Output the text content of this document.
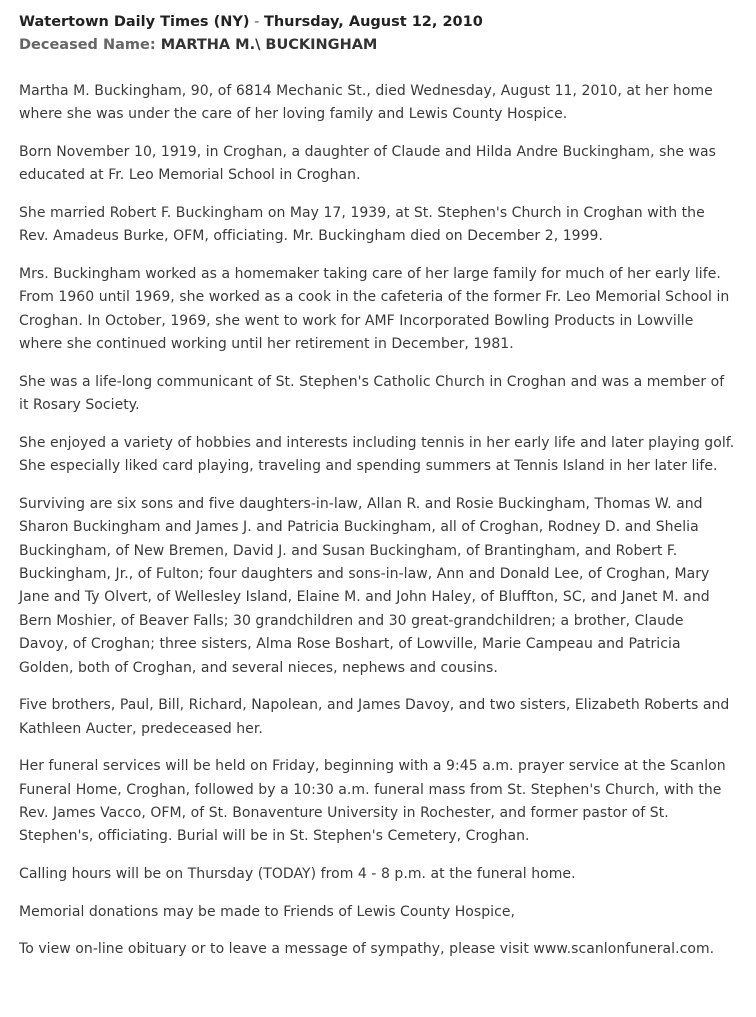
Watertown Daily Times (NY) - Thursday, August 12, 2010
Deceased Name: MARTHA M.\ BUCKINGHAM

Martha M. Buckingham, 90, of 6814 Mechanic St., died Wednesday, August 11, 2010, at her home where she was under the care of her loving family and Lewis County Hospice.

Born November 10, 1919, in Croghan, a daughter of Claude and Hilda Andre Buckingham, she was educated at Fr. Leo Memorial School in Croghan.

She married Robert F. Buckingham on May 17, 1939, at St. Stephen's Church in Croghan with the Rev. Amadeus Burke, OFM, officiating. Mr. Buckingham died on December 2, 1999.

Mrs. Buckingham worked as a homemaker taking care of her large family for much of her early life. From 1960 until 1969, she worked as a cook in the cafeteria of the former Fr. Leo Memorial School in Croghan. In October, 1969, she went to work for AMF Incorporated Bowling Products in Lowville where she continued working until her retirement in December, 1981.

She was a life-long communicant of St. Stephen's Catholic Church in Croghan and was a member of it Rosary Society.

She enjoyed a variety of hobbies and interests including tennis in her early life and later playing golf. She especially liked card playing, traveling and spending summers at Tennis Island in her later life.

Surviving are six sons and five daughters-in-law, Allan R. and Rosie Buckingham, Thomas W. and Sharon Buckingham and James J. and Patricia Buckingham, all of Croghan, Rodney D. and Shelia Buckingham, of New Bremen, David J. and Susan Buckingham, of Brantingham, and Robert F. Buckingham, Jr., of Fulton; four daughters and sons-in-law, Ann and Donald Lee, of Croghan, Mary Jane and Ty Olvert, of Wellesley Island, Elaine M. and John Haley, of Bluffton, SC, and Janet M. and Bern Moshier, of Beaver Falls; 30 grandchildren and 30 great-grandchildren; a brother, Claude Davoy, of Croghan; three sisters, Alma Rose Boshart, of Lowville, Marie Campeau and Patricia Golden, both of Croghan, and several nieces, nephews and cousins.

Five brothers, Paul, Bill, Richard, Napolean, and James Davoy, and two sisters, Elizabeth Roberts and Kathleen Aucter, predeceased her.

Her funeral services will be held on Friday, beginning with a 9:45 a.m. prayer service at the Scanlon Funeral Home, Croghan, followed by a 10:30 a.m. funeral mass from St. Stephen's Church, with the Rev. James Vacco, OFM, of St. Bonaventure University in Rochester, and former pastor of St. Stephen's, officiating. Burial will be in St. Stephen's Cemetery, Croghan.

Calling hours will be on Thursday (TODAY) from 4 - 8 p.m. at the funeral home.

Memorial donations may be made to Friends of Lewis County Hospice,

To view on-line obituary or to leave a message of sympathy, please visit www.scanlonfuneral.com.
